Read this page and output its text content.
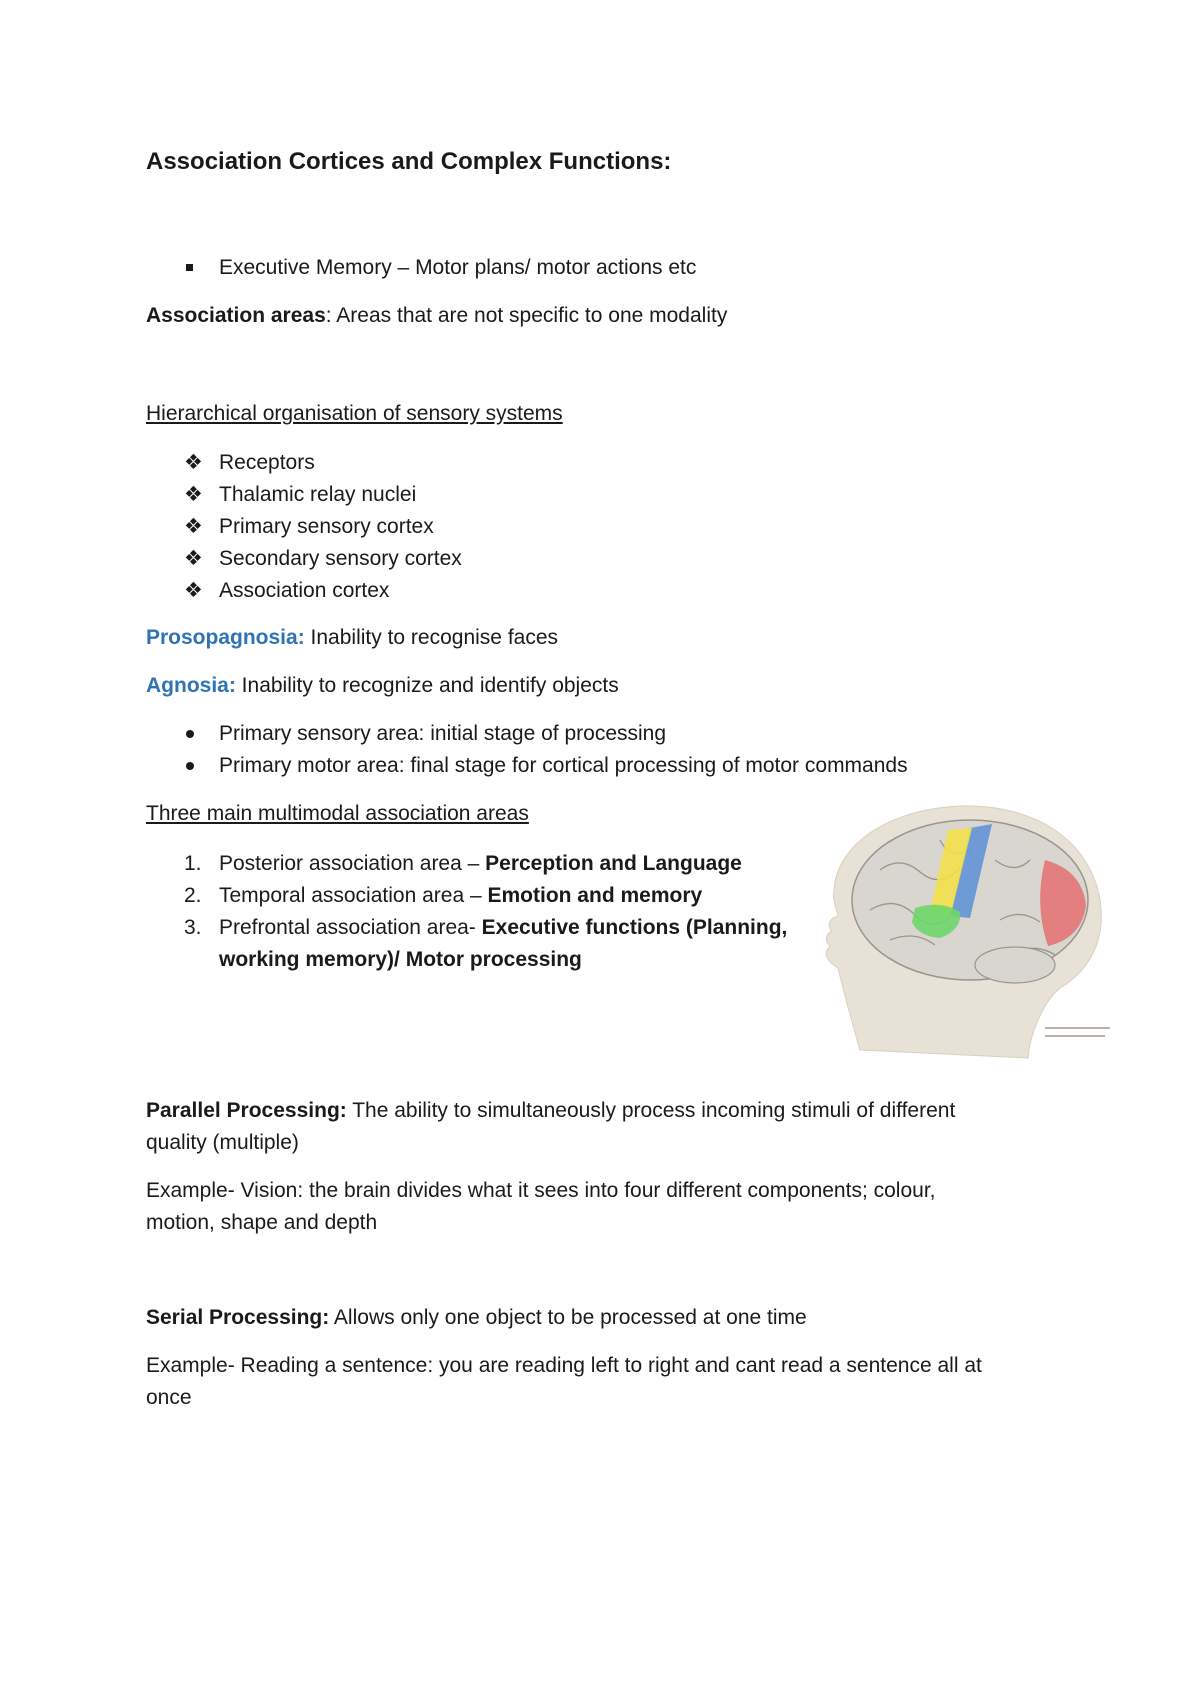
Association Cortices and Complex Functions:
Executive Memory – Motor plans/ motor actions etc
Association areas: Areas that are not specific to one modality
Hierarchical organisation of sensory systems
❖ Receptors
❖ Thalamic relay nuclei
❖ Primary sensory cortex
❖ Secondary sensory cortex
❖ Association cortex
Prosopagnosia: Inability to recognise faces
Agnosia: Inability to recognize and identify objects
Primary sensory area: initial stage of processing
Primary motor area: final stage for cortical processing of motor commands
Three main multimodal association areas
1. Posterior association area – Perception and Language
2. Temporal association area – Emotion and memory
3. Prefrontal association area- Executive functions (Planning,
working memory)/ Motor processing
Parallel Processing: The ability to simultaneously process incoming stimuli of different
quality (multiple)
Example- Vision: the brain divides what it sees into four different components; colour,
motion, shape and depth
Serial Processing: Allows only one object to be processed at one time
Example- Reading a sentence: you are reading left to right and cant read a sentence all at
once
